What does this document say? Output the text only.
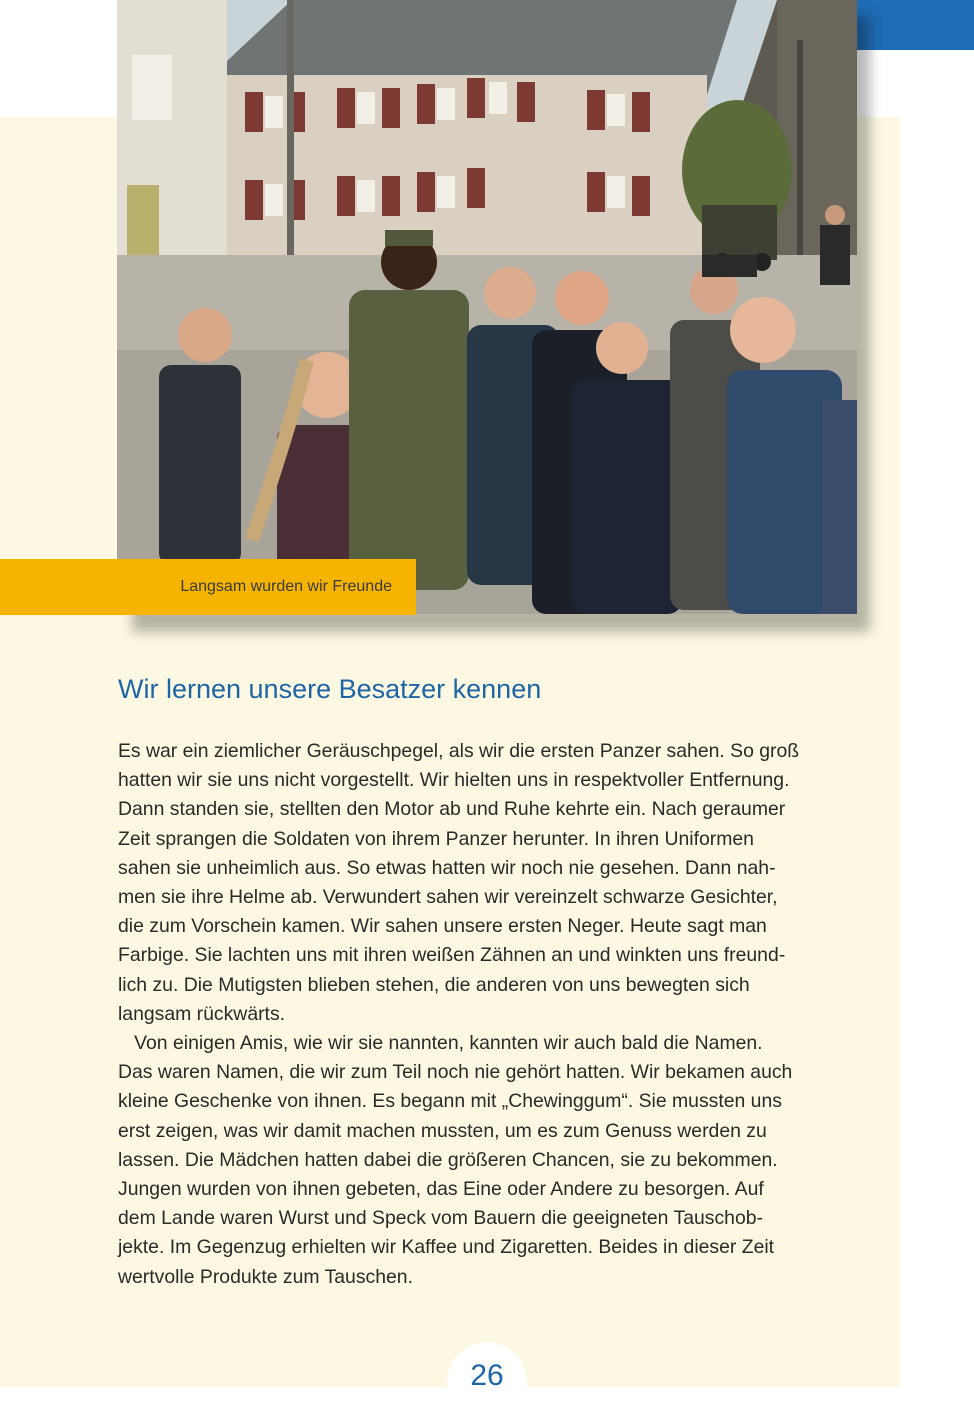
Langsam wurden wir Freunde
Wir lernen unsere Besatzer kennen
Es war ein ziemlicher Geräuschpegel, als wir die ersten Panzer sahen. So groß
hatten wir sie uns nicht vorgestellt. Wir hielten uns in respektvoller Entfernung.
Dann standen sie, stellten den Motor ab und Ruhe kehrte ein. Nach geraumer
Zeit sprangen die Soldaten von ihrem Panzer herunter. In ihren Uniformen
sahen sie unheimlich aus. So etwas hatten wir noch nie gesehen. Dann nah-
men sie ihre Helme ab. Verwundert sahen wir vereinzelt schwarze Gesichter,
die zum Vorschein kamen. Wir sahen unsere ersten Neger. Heute sagt man
Farbige. Sie lachten uns mit ihren weißen Zähnen an und winkten uns freund-
lich zu. Die Mutigsten blieben stehen, die anderen von uns bewegten sich
langsam rückwärts.
Von einigen Amis, wie wir sie nannten, kannten wir auch bald die Namen.
Das waren Namen, die wir zum Teil noch nie gehört hatten. Wir bekamen auch
kleine Geschenke von ihnen. Es begann mit „Chewinggum“. Sie mussten uns
erst zeigen, was wir damit machen mussten, um es zum Genuss werden zu
lassen. Die Mädchen hatten dabei die größeren Chancen, sie zu bekommen.
Jungen wurden von ihnen gebeten, das Eine oder Andere zu besorgen. Auf
dem Lande waren Wurst und Speck vom Bauern die geeigneten Tauschob-
jekte. Im Gegenzug erhielten wir Kaffee und Zigaretten. Beides in dieser Zeit
wertvolle Produkte zum Tauschen.
26
